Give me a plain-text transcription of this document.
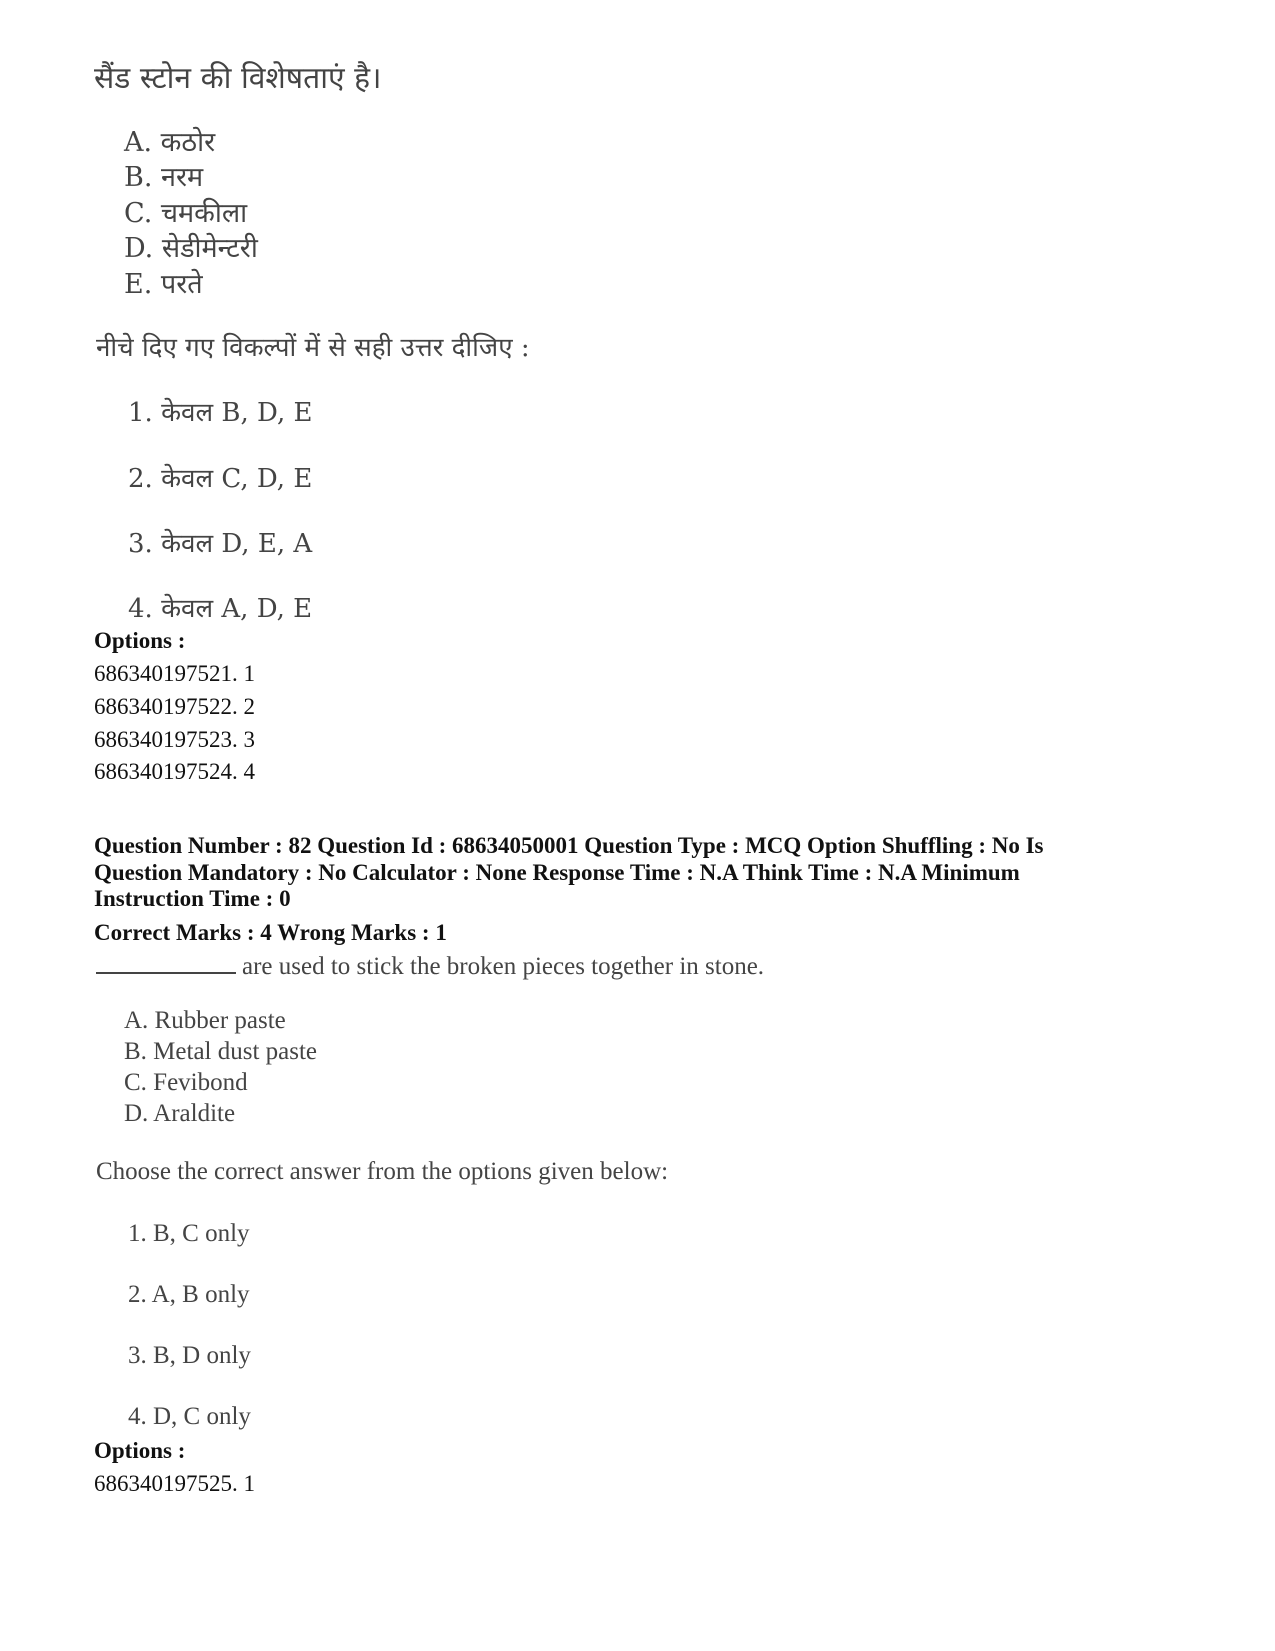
सैंड स्टोन की विशेषताएं है।
A. कठोर
B. नरम
C. चमकीला
D. सेडीमेन्टरी
E. परते
नीचे दिए गए विकल्पों में से सही उत्तर दीजिए :
1. केवल B, D, E
2. केवल C, D, E
3. केवल D, E, A
4. केवल A, D, E
Options :
686340197521. 1
686340197522. 2
686340197523. 3
686340197524. 4
Question Number : 82 Question Id : 68634050001 Question Type : MCQ Option Shuffling : No Is
Question Mandatory : No Calculator : None Response Time : N.A Think Time : N.A Minimum
Instruction Time : 0
Correct Marks : 4 Wrong Marks : 1
are used to stick the broken pieces together in stone.
A. Rubber paste
B. Metal dust paste
C. Fevibond
D. Araldite
Choose the correct answer from the options given below:
1. B, C only
2. A, B only
3. B, D only
4. D, C only
Options :
686340197525. 1
